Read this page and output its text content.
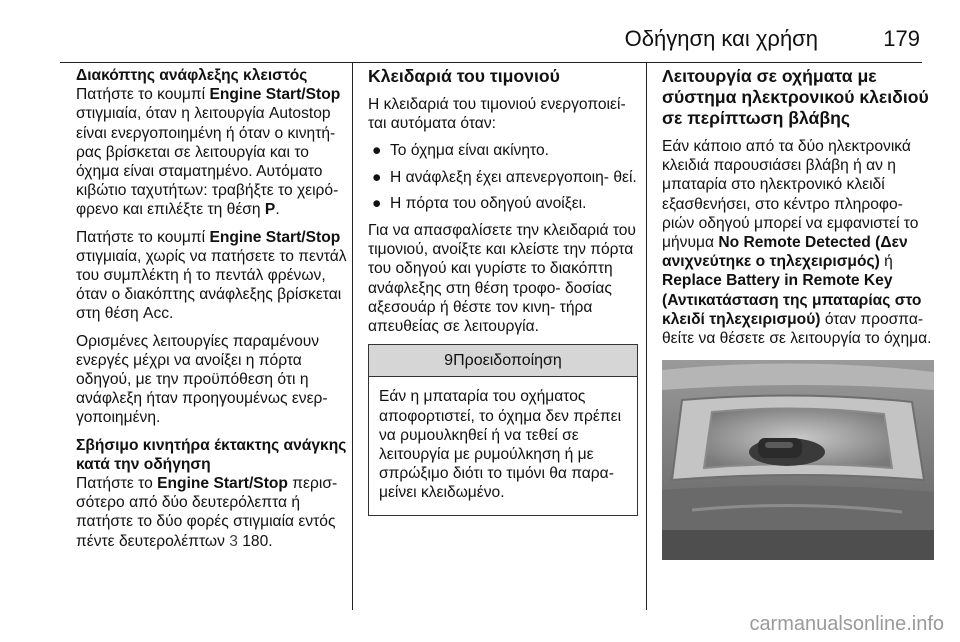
Οδήγηση και χρήση	179
Διακόπτης ανάφλεξης κλειστός

Πατήστε το κουμπί Engine Start/Stop στιγμιαία, όταν η λειτουργία Autostop είναι ενεργοποιημένη ή όταν ο κινητή‐ ρας βρίσκεται σε λειτουργία και το όχημα είναι σταματημένο. Αυτόματο κιβώτιο ταχυτήτων: τραβήξτε το χειρό‐ φρενο και επιλέξτε τη θέση P.

Πατήστε το κουμπί Engine Start/Stop στιγμιαία, χωρίς να πατήσετε το πεντάλ του συμπλέκτη ή το πεντάλ φρένων, όταν ο διακόπτης ανάφλεξης βρίσκεται στη θέση Acc.

Ορισμένες λειτουργίες παραμένουν ενεργές μέχρι να ανοίξει η πόρτα οδηγού, με την προϋπόθεση ότι η ανάφλεξη ήταν προηγουμένως ενερ‐ γοποιημένη.

Σβήσιμο κινητήρα έκτακτης ανάγκης κατά την οδήγηση

Πατήστε το Engine Start/Stop περισ‐ σότερο από δύο δευτερόλεπτα ή πατήστε το δύο φορές στιγμιαία εντός πέντε δευτερολέπτων 3 180.

Κλειδαριά του τιμονιού

Η κλειδαριά του τιμονιού ενεργοποιεί‐ ται αυτόματα όταν:

● Το όχημα είναι ακίνητο.
● Η ανάφλεξη έχει απενεργοποιη‐ θεί.
● Η πόρτα του οδηγού ανοίξει.

Για να απασφαλίσετε την κλειδαριά του τιμονιού, ανοίξτε και κλείστε την πόρτα του οδηγού και γυρίστε το διακόπτη ανάφλεξης στη θέση τροφο‐ δοσίας αξεσουάρ ή θέστε τον κινη‐ τήρα απευθείας σε λειτουργία.

9Προειδοποίηση
Εάν η μπαταρία του οχήματος αποφορτιστεί, το όχημα δεν πρέπει να ρυμουλκηθεί ή να τεθεί σε λειτουργία με ρυμούλκηση ή με σπρώξιμο διότι το τιμόνι θα παρα‐ μείνει κλειδωμένο.
Λειτουργία σε οχήματα με σύστημα ηλεκτρονικού κλειδιού σε περίπτωση βλάβης

Εάν κάποιο από τα δύο ηλεκτρονικά κλειδιά παρουσιάσει βλάβη ή αν η μπαταρία στο ηλεκτρονικό κλειδί εξασθενήσει, στο κέντρο πληροφο‐ ριών οδηγού μπορεί να εμφανιστεί το μήνυμα No Remote Detected (Δεν ανιχνεύτηκε ο τηλεχειρισμός) ή Replace Battery in Remote Key (Αντικατάσταση της μπαταρίας στο κλειδί τηλεχειρισμού) όταν προσπα‐ θείτε να θέσετε σε λειτουργία το όχημα.

carmanualsonline.info
